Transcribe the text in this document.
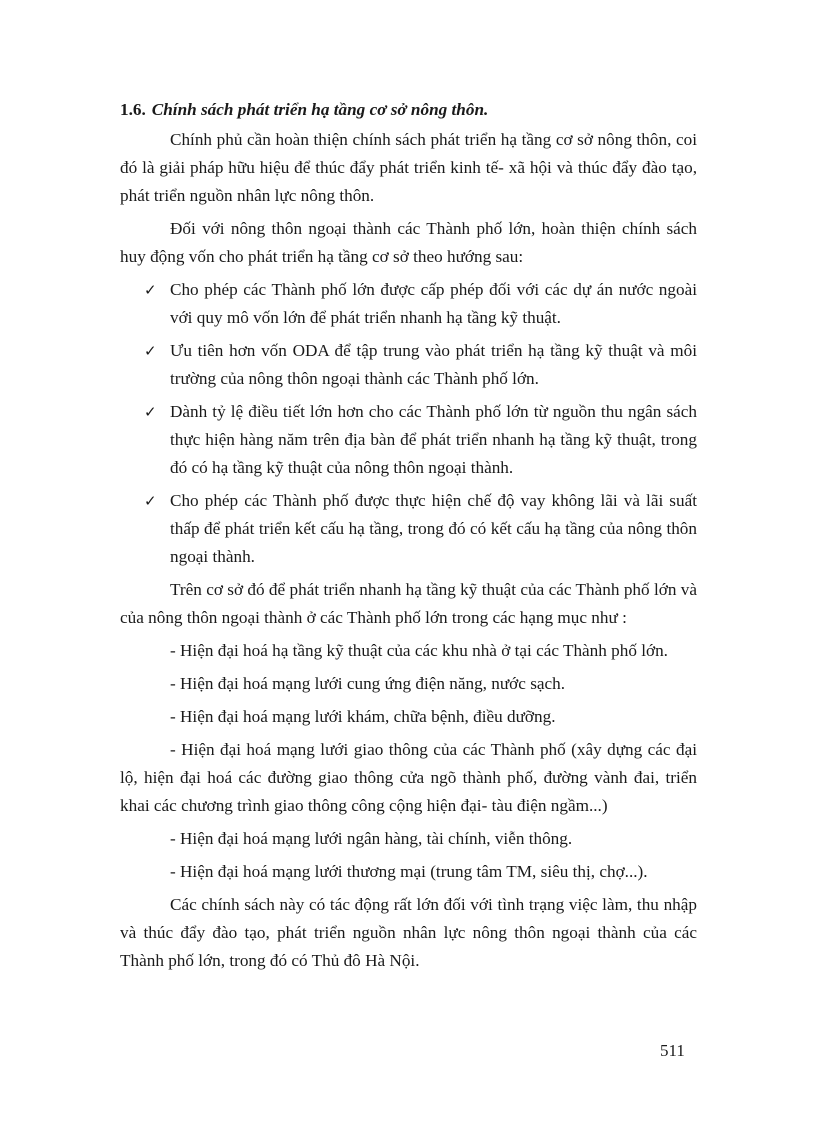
1.6. Chính sách phát triển hạ tầng cơ sở nông thôn.

Chính phủ cần hoàn thiện chính sách phát triển hạ tầng cơ sở nông thôn, coi đó là giải pháp hữu hiệu để thúc đẩy phát triển kinh tế- xã hội và thúc đẩy đào tạo, phát triển nguồn nhân lực nông thôn.

Đối với nông thôn ngoại thành các Thành phố lớn, hoàn thiện chính sách huy động vốn cho phát triển hạ tầng cơ sở theo hướng sau:

✓ Cho phép các Thành phố lớn được cấp phép đối với các dự án nước ngoài với quy mô vốn lớn để phát triển nhanh hạ tầng kỹ thuật.
✓ Ưu tiên hơn vốn ODA để tập trung vào phát triển hạ tầng kỹ thuật và môi trường của nông thôn ngoại thành các Thành phố lớn.
✓ Dành tỷ lệ điều tiết lớn hơn cho các Thành phố lớn từ nguồn thu ngân sách thực hiện hàng năm trên địa bàn để phát triển nhanh hạ tầng kỹ thuật, trong đó có hạ tầng kỹ thuật của nông thôn ngoại thành.
✓ Cho phép các Thành phố được thực hiện chế độ vay không lãi và lãi suất thấp để phát triển kết cấu hạ tầng, trong đó có kết cấu hạ tầng của nông thôn ngoại thành.

Trên cơ sở đó để phát triển nhanh hạ tầng kỹ thuật của các Thành phố lớn và của nông thôn ngoại thành ở các Thành phố lớn trong các hạng mục như :

- Hiện đại hoá hạ tầng kỹ thuật của các khu nhà ở tại các Thành phố lớn.

- Hiện đại hoá mạng lưới cung ứng điện năng, nước sạch.

- Hiện đại hoá mạng lưới khám, chữa bệnh, điều dưỡng.

- Hiện đại hoá mạng lưới giao thông của các Thành phố (xây dựng các đại lộ, hiện đại hoá các đường giao thông cửa ngõ thành phố, đường vành đai, triển khai các chương trình giao thông công cộng hiện đại- tàu điện ngầm...)

- Hiện đại hoá mạng lưới ngân hàng, tài chính, viễn thông.

- Hiện đại hoá mạng lưới thương mại (trung tâm TM, siêu thị, chợ...).

Các chính sách này có tác động rất lớn đối với tình trạng việc làm, thu nhập và thúc đẩy đào tạo, phát triển nguồn nhân lực nông thôn ngoại thành của các Thành phố lớn, trong đó có Thủ đô Hà Nội.

511
